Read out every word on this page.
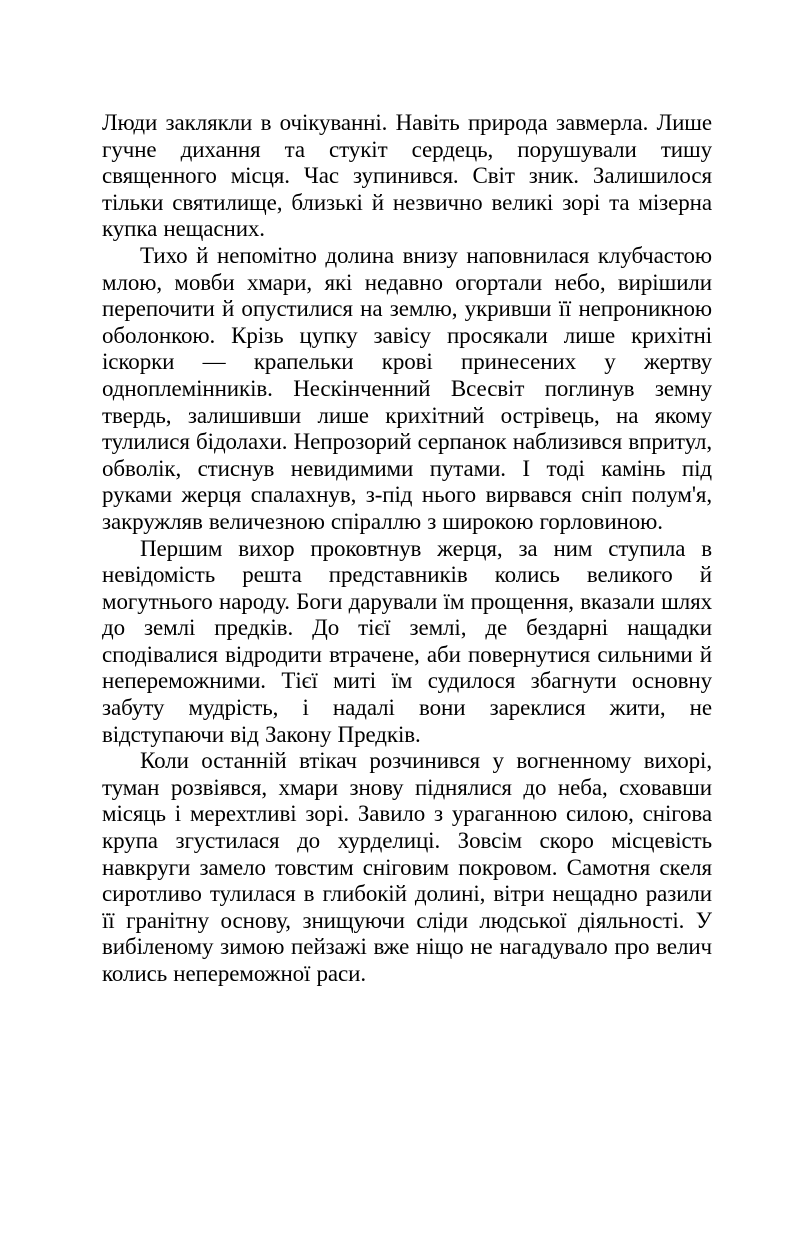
Люди заклякли в очікуванні. Навіть природа завмерла. Лише гучне дихання та стукіт сердець, порушували тишу священного місця. Час зупинився. Світ зник. Залишилося тільки святилище, близькі й незвично великі зорі та мізерна купка нещасних.

Тихо й непомітно долина внизу наповнилася клубчастою млою, мовби хмари, які недавно огортали небо, вирішили перепочити й опустилися на землю, укривши її непроникною оболонкою. Крізь цупку завісу просякали лише крихітні іскорки — крапельки крові принесених у жертву одноплемінників. Нескінченний Всесвіт поглинув земну твердь, залишивши лише крихітний острівець, на якому тулилися бідолахи. Непрозорий серпанок наблизився впритул, обволік, стиснув невидимими путами. І тоді камінь під руками жерця спалахнув, з-під нього вирвався сніп полум'я, закружляв величезною спіраллю з широкою горловиною.

Першим вихор проковтнув жерця, за ним ступила в невідомість решта представників колись великого й могутнього народу. Боги дарували їм прощення, вказали шлях до землі предків. До тієї землі, де бездарні нащадки сподівалися відродити втрачене, аби повернутися сильними й непереможними. Тієї миті їм судилося збагнути основну забуту мудрість, і надалі вони зареклися жити, не відступаючи від Закону Предків.

Коли останній втікач розчинився у вогненному вихорі, туман розвіявся, хмари знову піднялися до неба, сховавши місяць і мерехтливі зорі. Завило з ураганною силою, снігова крупа згустилася до хурделиці. Зовсім скоро місцевість навкруги замело товстим сніговим покровом. Самотня скеля сиротливо тулилася в глибокій долині, вітри нещадно разили її гранітну основу, знищуючи сліди людської діяльності. У вибіленому зимою пейзажі вже ніщо не нагадувало про велич колись непереможної раси.
